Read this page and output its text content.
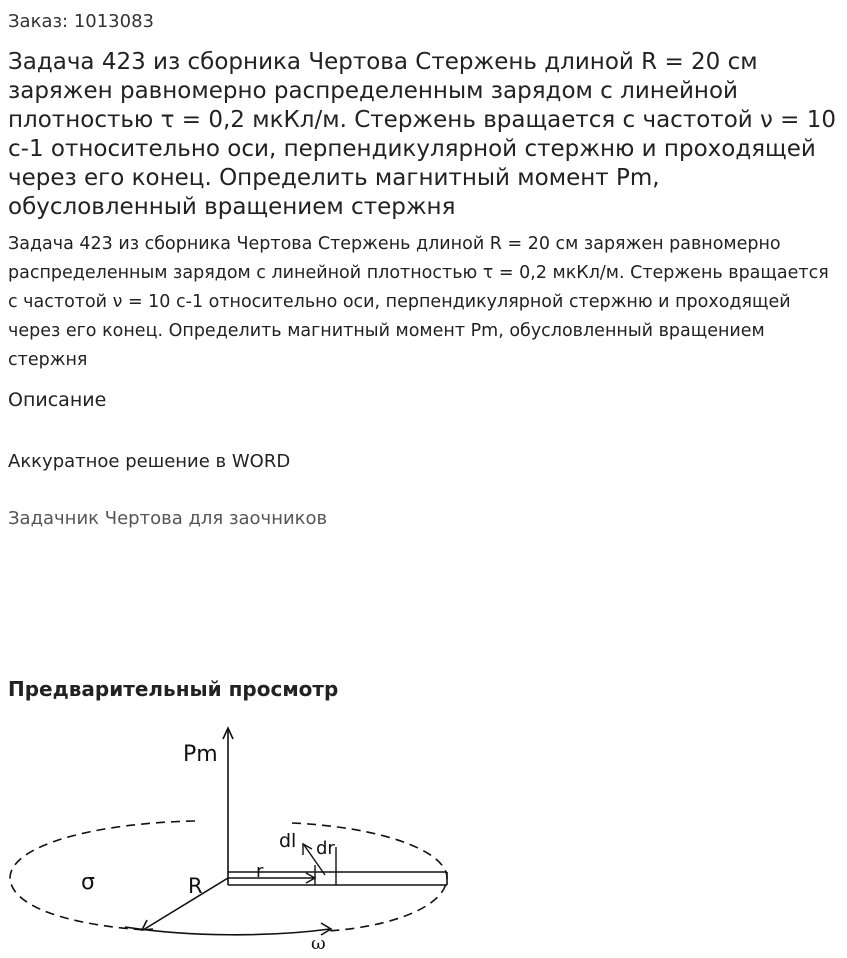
Заказ: 1013083
Задача 423 из сборника Чертова Стержень длиной R = 20 см заряжен равномерно распределенным зарядом с линейной плотностью τ = 0,2 мкКл/м. Стержень вращается с частотой ν = 10 с-1 относительно оси, перпендикулярной стержню и проходящей через его конец. Определить магнитный момент Pm, обусловленный вращением стержня

Задача 423 из сборника Чертова Стержень длиной R = 20 см заряжен равномерно распределенным зарядом с линейной плотностью τ = 0,2 мкКл/м. Стержень вращается с частотой ν = 10 с-1 относительно оси, перпендикулярной стержню и проходящей через его конец. Определить магнитный момент Pm, обусловленный вращением стержня

Описание
Аккуратное решение в WORD
Задачник Чертова для заочников
Предварительный просмотр
Pm
σ	R
r
dl dr
ω
